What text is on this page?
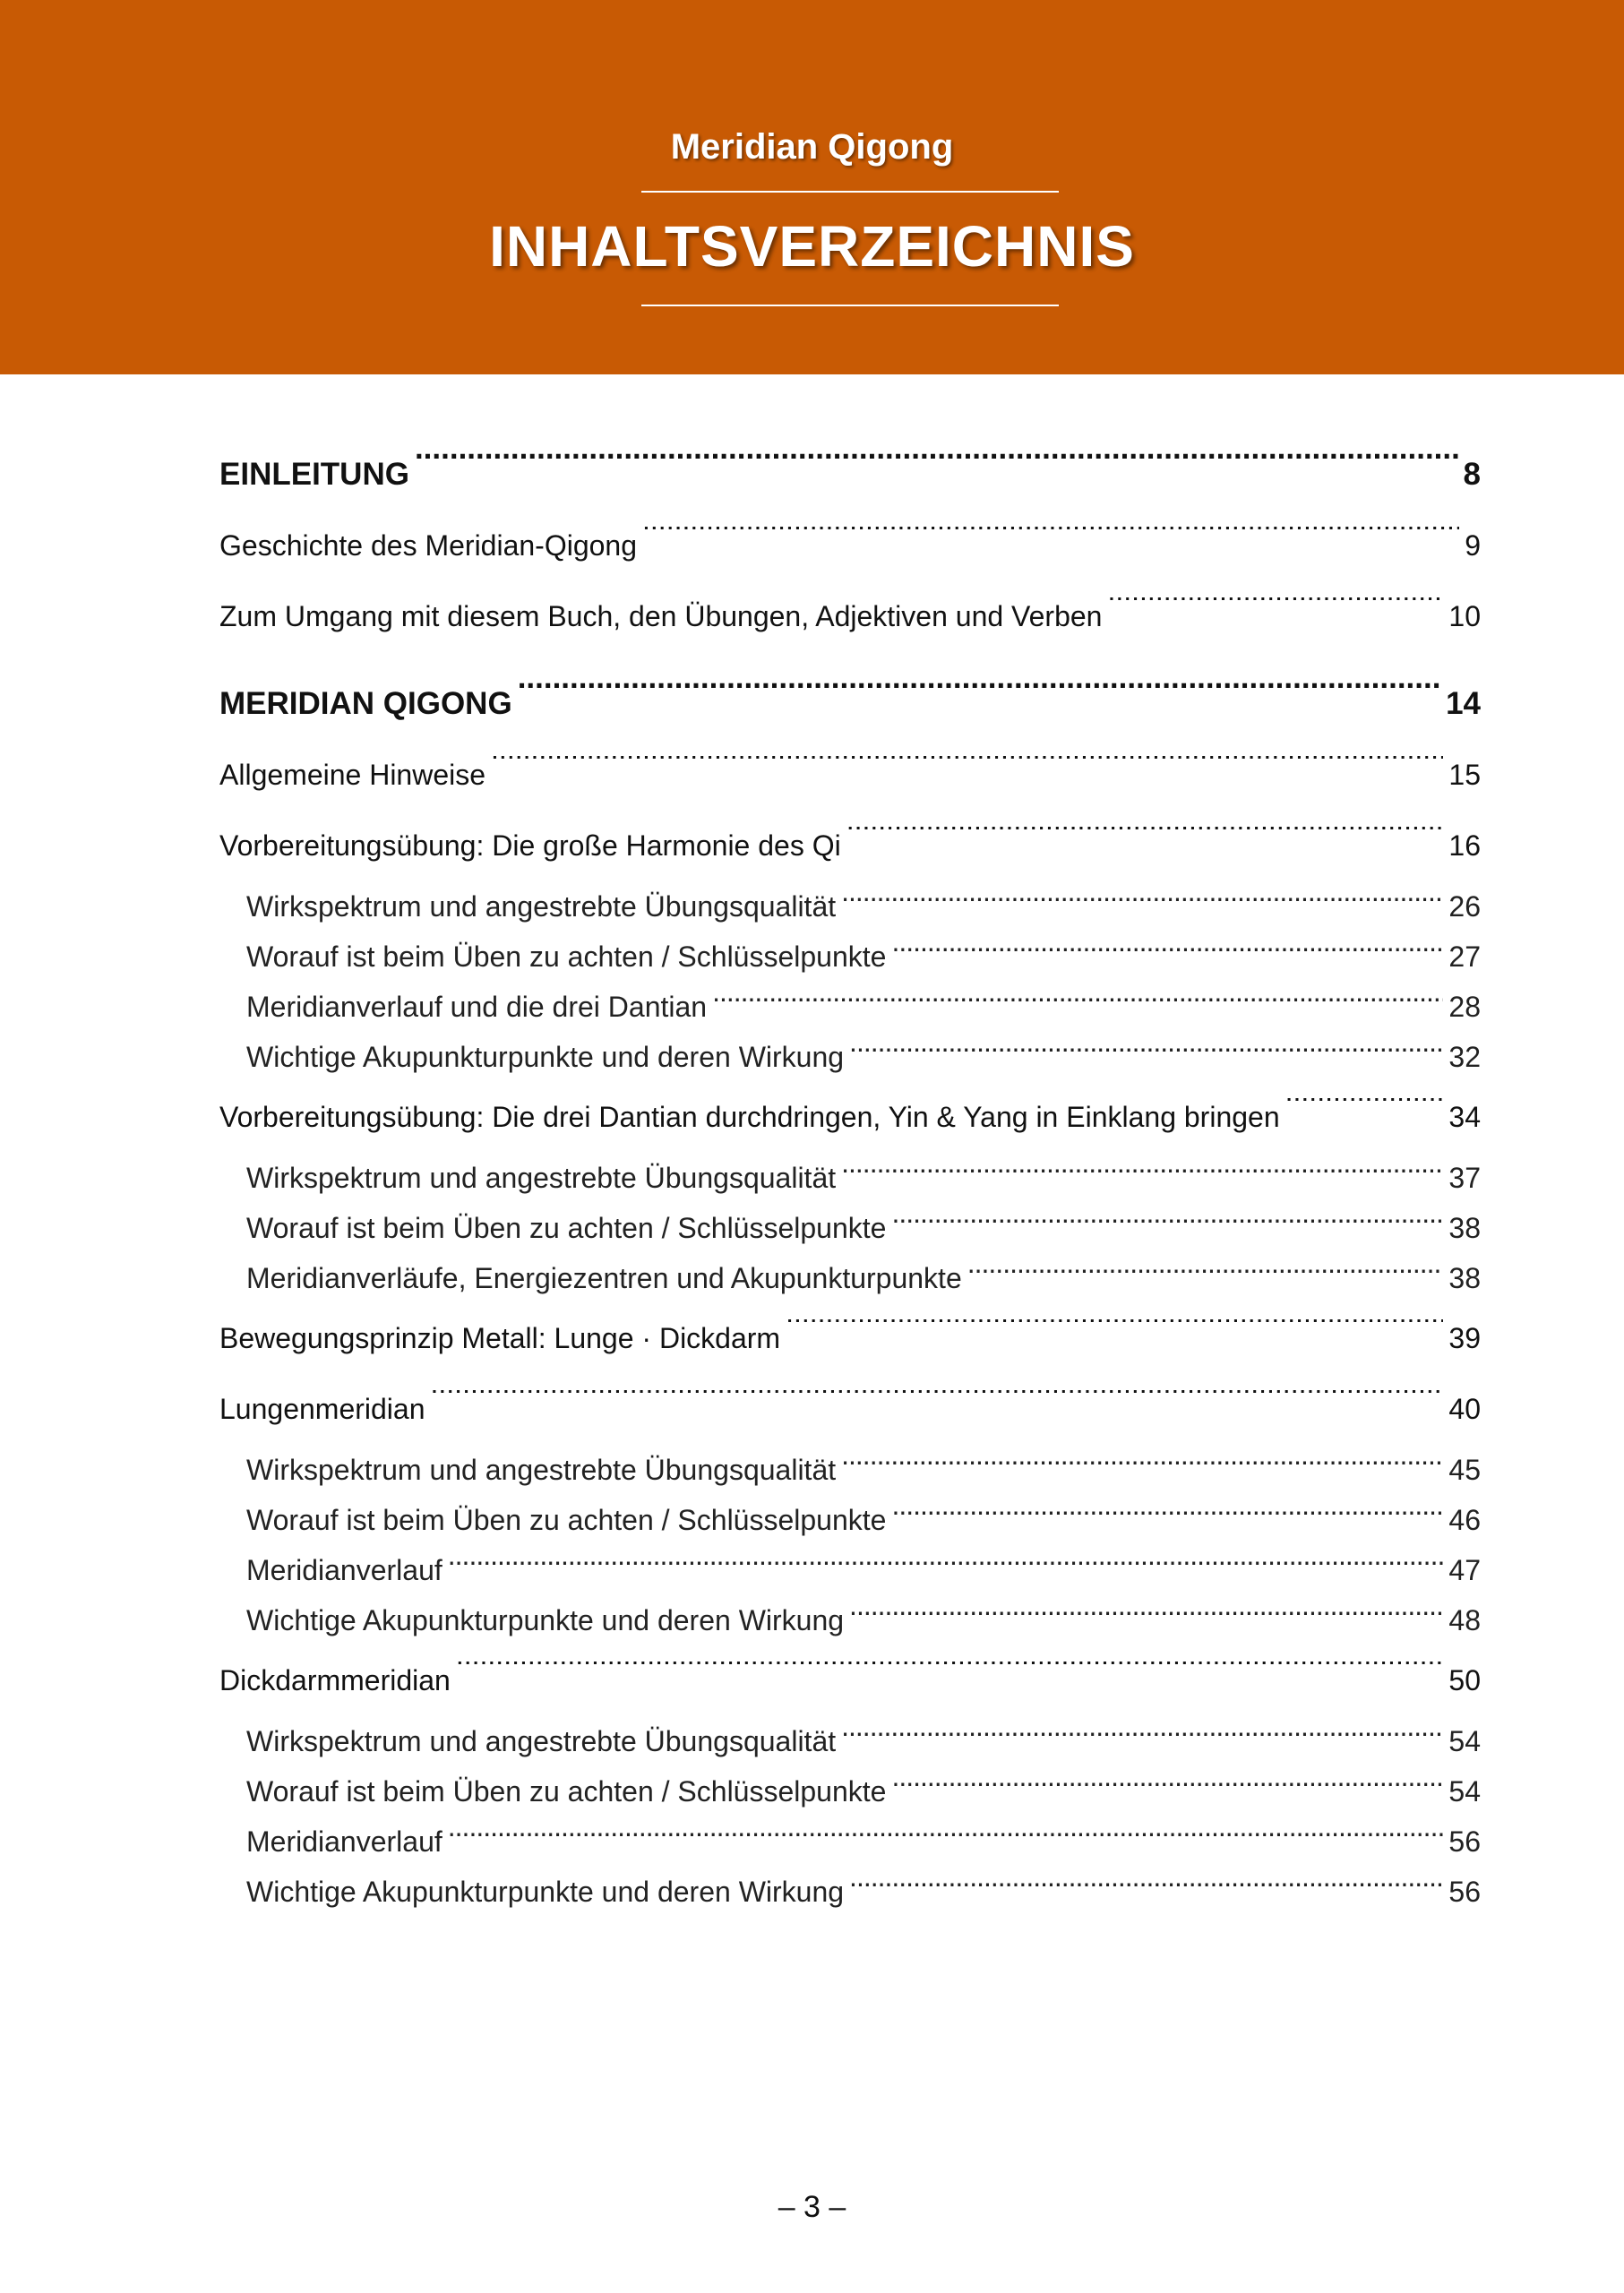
Meridian Qigong
INHALTSVERZEICHNIS
EINLEITUNG .....	8
Geschichte des Meridian-Qigong .....	9
Zum Umgang mit diesem Buch, den Übungen, Adjektiven und Verben .....	10
MERIDIAN QIGONG .....	14
Allgemeine Hinweise .....	15
Vorbereitungsübung: Die große Harmonie des Qi .....	16
Wirkspektrum und angestrebte Übungsqualität .....	26
Worauf ist beim Üben zu achten / Schlüsselpunkte .....	27
Meridianverlauf und die drei Dantian .....	28
Wichtige Akupunkturpunkte und deren Wirkung .....	32
Vorbereitungsübung: Die drei Dantian durchdringen, Yin & Yang in Einklang bringen .....	34
Wirkspektrum und angestrebte Übungsqualität .....	37
Worauf ist beim Üben zu achten / Schlüsselpunkte .....	38
Meridianverläufe, Energiezentren und Akupunkturpunkte .....	38
Bewegungsprinzip Metall: Lunge · Dickdarm .....	39
Lungenmeridian .....	40
Wirkspektrum und angestrebte Übungsqualität .....	45
Worauf ist beim Üben zu achten / Schlüsselpunkte .....	46
Meridianverlauf .....	47
Wichtige Akupunkturpunkte und deren Wirkung .....	48
Dickdarmmeridian .....	50
Wirkspektrum und angestrebte Übungsqualität .....	54
Worauf ist beim Üben zu achten / Schlüsselpunkte .....	54
Meridianverlauf .....	56
Wichtige Akupunkturpunkte und deren Wirkung .....	56
– 3 –
